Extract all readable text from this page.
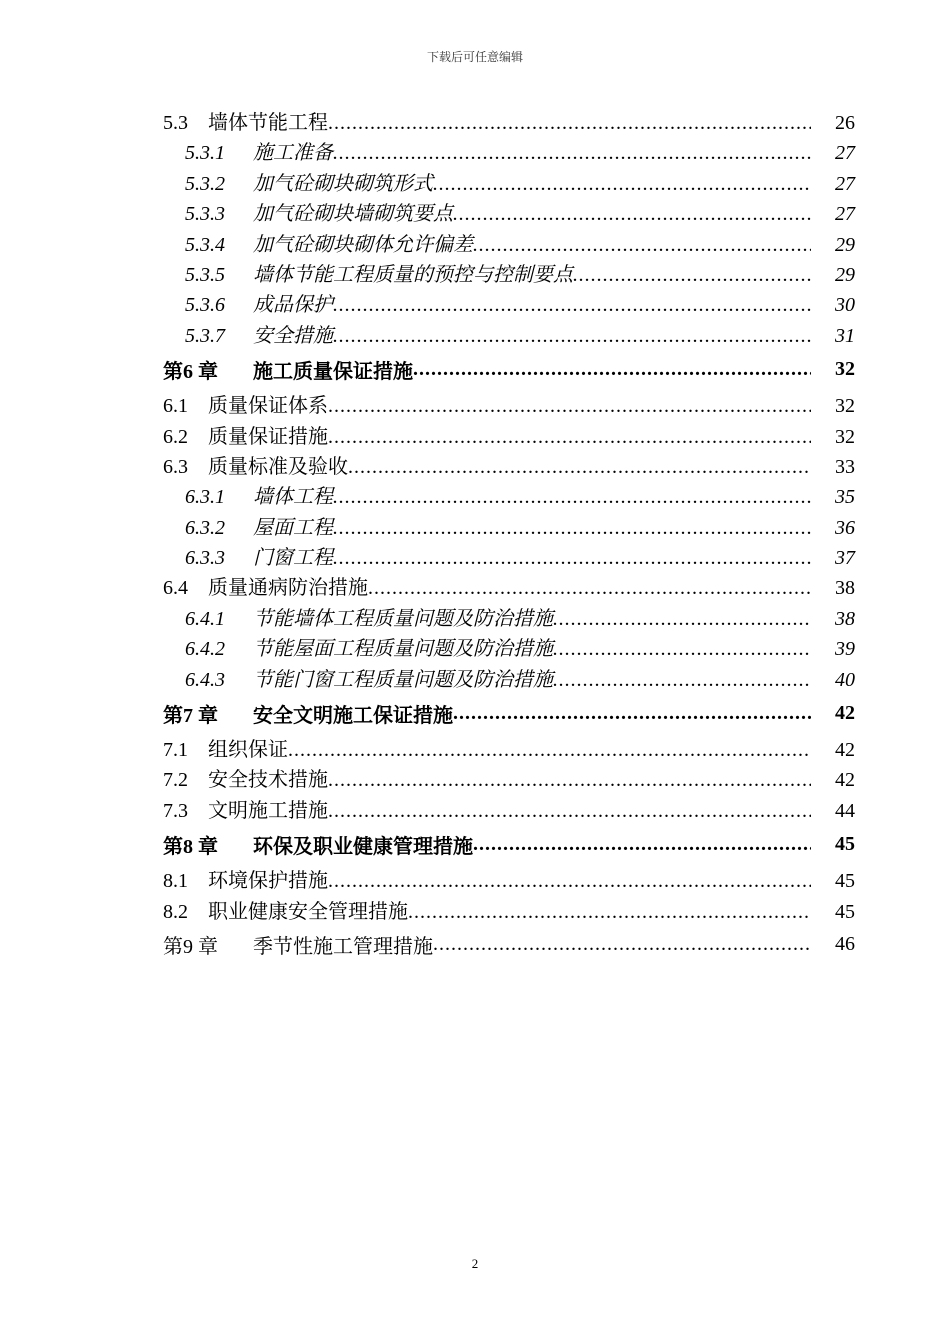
下载后可任意编辑
5.3	墙体节能工程 .....	26
5.3.1	施工准备 .....	27
5.3.2	加气砼砌块砌筑形式 .....	27
5.3.3	加气砼砌块墙砌筑要点 .....	27
5.3.4	加气砼砌块砌体允许偏差 .....	29
5.3.5	墙体节能工程质量的预控与控制要点 .....	29
5.3.6	成品保护 .....	30
5.3.7	安全措施 .....	31
第6 章	施工质量保证措施 .....	32
6.1	质量保证体系 .....	32
6.2	质量保证措施 .....	32
6.3	质量标准及验收 .....	33
6.3.1	墙体工程 .....	35
6.3.2	屋面工程 .....	36
6.3.3	门窗工程 .....	37
6.4	质量通病防治措施 .....	38
6.4.1	节能墙体工程质量问题及防治措施 .....	38
6.4.2	节能屋面工程质量问题及防治措施 .....	39
6.4.3	节能门窗工程质量问题及防治措施 .....	40
第7 章	安全文明施工保证措施 .....	42
7.1	组织保证 .....	42
7.2	安全技术措施 .....	42
7.3	文明施工措施 .....	44
第8 章	环保及职业健康管理措施 .....	45
8.1	环境保护措施 .....	45
8.2	职业健康安全管理措施 .....	45
第9 章	季节性施工管理措施 .....	46
2
